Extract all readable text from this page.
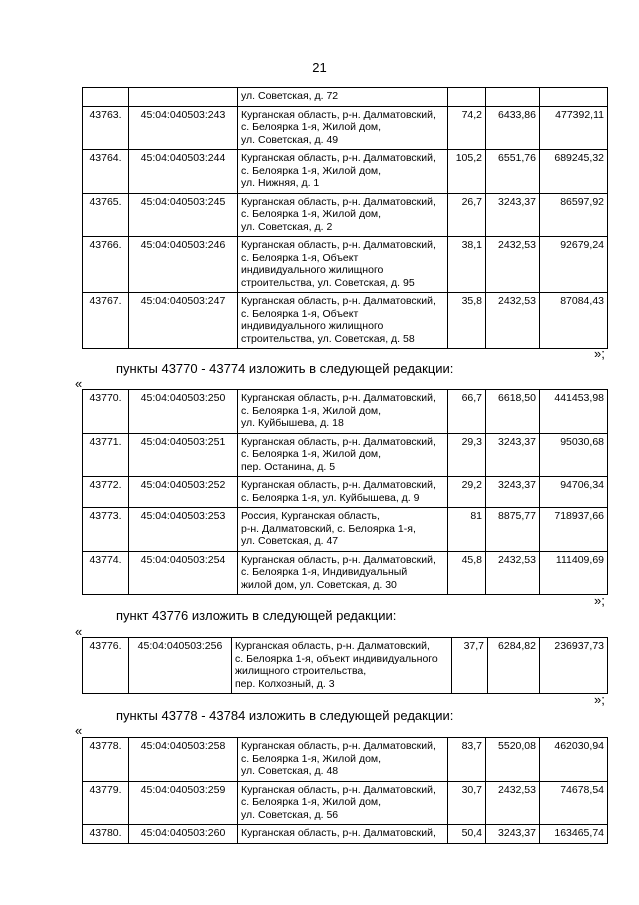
21

		ул. Советская, д. 72			

43763.	45:04:040503:243	Курганская область, р-н. Далматовский,
с. Белоярка 1-я, Жилой дом,
ул. Советская, д. 49	74,2	6433,86	477392,11
43764.	45:04:040503:244	Курганская область, р-н. Далматовский,
с. Белоярка 1-я, Жилой дом,
ул. Нижняя, д. 1	105,2	6551,76	689245,32
43765.	45:04:040503:245	Курганская область, р-н. Далматовский,
с. Белоярка 1-я, Жилой дом,
ул. Советская, д. 2	26,7	3243,37	86597,92
43766.	45:04:040503:246	Курганская область, р-н. Далматовский,
с. Белоярка 1-я, Объект
индивидуального жилищного
строительства, ул. Советская, д. 95	38,1	2432,53	92679,24
43767.	45:04:040503:247	Курганская область, р-н. Далматовский,
с. Белоярка 1-я, Объект
индивидуального жилищного
строительства, ул. Советская, д. 58	35,8	2432,53	87084,43
»;
пункты 43770 - 43774 изложить в следующей редакции:
«
43770.	45:04:040503:250	Курганская область, р-н. Далматовский,
с. Белоярка 1-я, Жилой дом,
ул. Куйбышева, д. 18	66,7	6618,50	441453,98
43771.	45:04:040503:251	Курганская область, р-н. Далматовский,
с. Белоярка 1-я, Жилой дом,
пер. Останина, д. 5	29,3	3243,37	95030,68
43772.	45:04:040503:252	Курганская область, р-н. Далматовский,
с. Белоярка 1-я, ул. Куйбышева, д. 9	29,2	3243,37	94706,34
43773.	45:04:040503:253	Россия, Курганская область,
р-н. Далматовский, с. Белоярка 1-я,
ул. Советская, д. 47	81	8875,77	718937,66
43774.	45:04:040503:254	Курганская область, р-н. Далматовский,
с. Белоярка 1-я, Индивидуальный
жилой дом, ул. Советская, д. 30	45,8	2432,53	111409,69
»;
пункт 43776 изложить в следующей редакции:
«
43776.	45:04:040503:256	Курганская область, р-н. Далматовский,
с. Белоярка 1-я, объект индивидуального
жилищного строительства,
пер. Колхозный, д. 3
	37,7	6284,82	236937,73
»;
пункты 43778 - 43784 изложить в следующей редакции:
«
43778.	45:04:040503:258	Курганская область, р-н. Далматовский,
с. Белоярка 1-я, Жилой дом,
ул. Советская, д. 48	83,7	5520,08	462030,94
43779.	45:04:040503:259	Курганская область, р-н. Далматовский,
с. Белоярка 1-я, Жилой дом,
ул. Советская, д. 56	30,7	2432,53	74678,54
43780.	45:04:040503:260	Курганская область, р-н. Далматовский,	50,4	3243,37	163465,74
